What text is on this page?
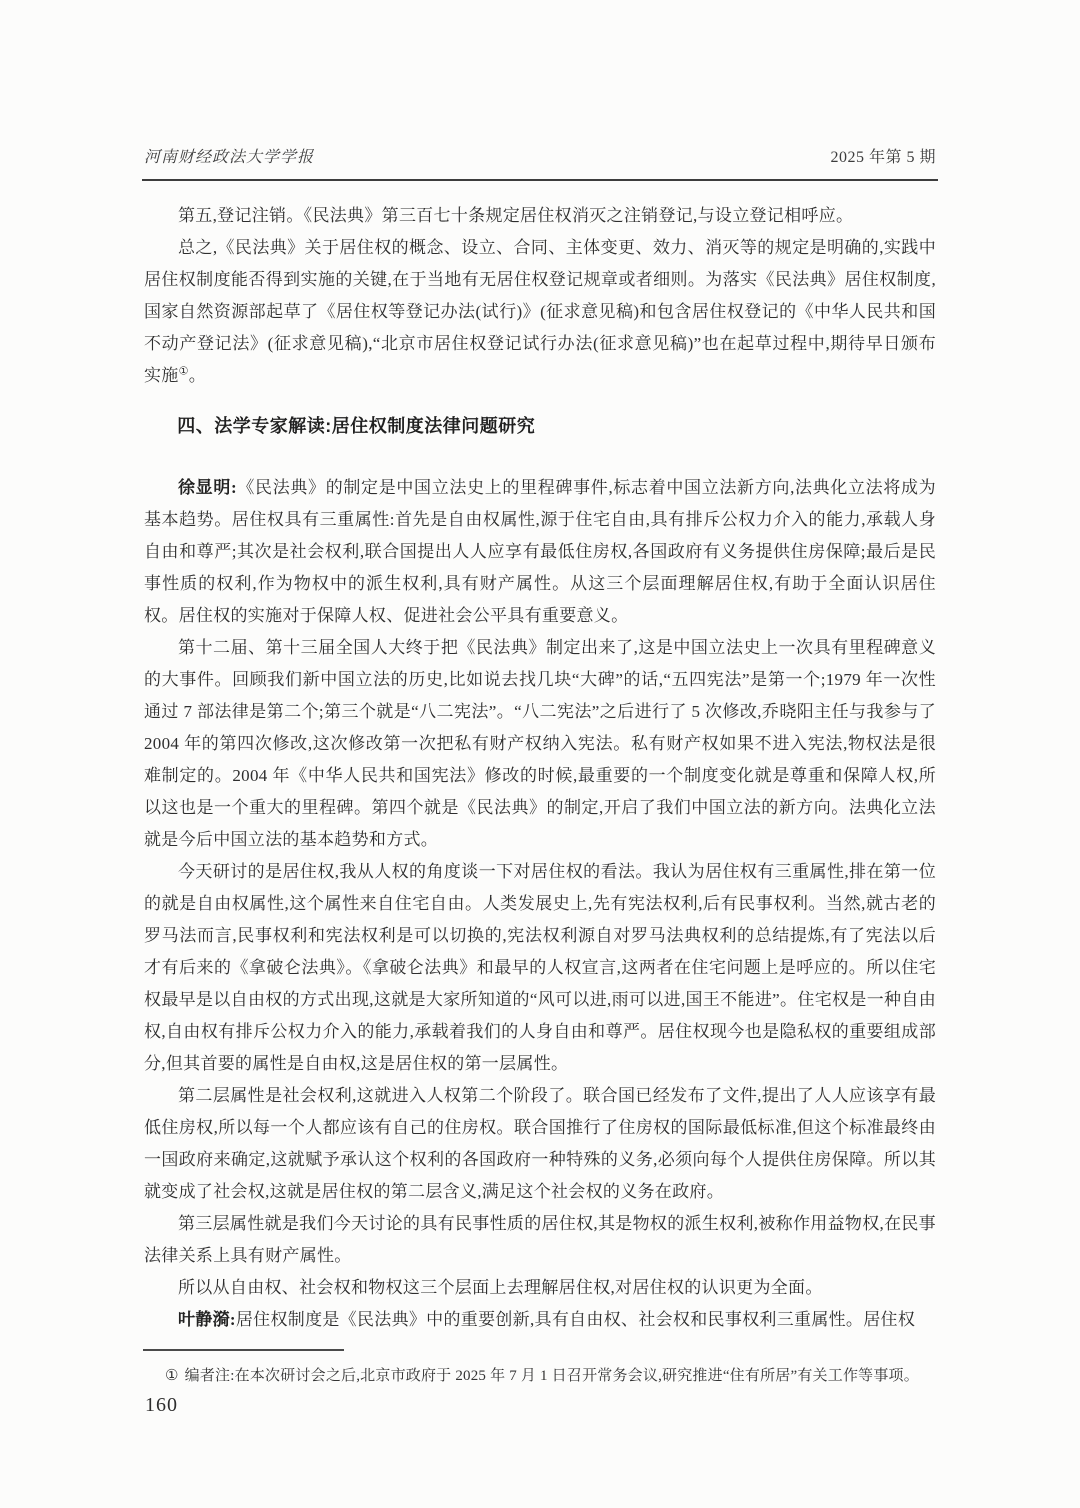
河南财经政法大学学报	2025 年第 5 期

第五,登记注销。《民法典》第三百七十条规定居住权消灭之注销登记,与设立登记相呼应。

总之,《民法典》关于居住权的概念、设立、合同、主体变更、效力、消灭等的规定是明确的,实践中居住权制度能否得到实施的关键,在于当地有无居住权登记规章或者细则。为落实《民法典》居住权制度,国家自然资源部起草了《居住权等登记办法(试行)》(征求意见稿)和包含居住权登记的《中华人民共和国不动产登记法》(征求意见稿),“北京市居住权登记试行办法(征求意见稿)”也在起草过程中,期待早日颁布实施①。

四、法学专家解读:居住权制度法律问题研究

徐显明:《民法典》的制定是中国立法史上的里程碑事件,标志着中国立法新方向,法典化立法将成为基本趋势。居住权具有三重属性:首先是自由权属性,源于住宅自由,具有排斥公权力介入的能力,承载人身自由和尊严;其次是社会权利,联合国提出人人应享有最低住房权,各国政府有义务提供住房保障;最后是民事性质的权利,作为物权中的派生权利,具有财产属性。从这三个层面理解居住权,有助于全面认识居住权。居住权的实施对于保障人权、促进社会公平具有重要意义。

第十二届、第十三届全国人大终于把《民法典》制定出来了,这是中国立法史上一次具有里程碑意义的大事件。回顾我们新中国立法的历史,比如说去找几块“大碑”的话,“五四宪法”是第一个;1979 年一次性通过 7 部法律是第二个;第三个就是“八二宪法”。“八二宪法”之后进行了 5 次修改,乔晓阳主任与我参与了 2004 年的第四次修改,这次修改第一次把私有财产权纳入宪法。私有财产权如果不进入宪法,物权法是很难制定的。2004 年《中华人民共和国宪法》修改的时候,最重要的一个制度变化就是尊重和保障人权,所以这也是一个重大的里程碑。第四个就是《民法典》的制定,开启了我们中国立法的新方向。法典化立法就是今后中国立法的基本趋势和方式。

今天研讨的是居住权,我从人权的角度谈一下对居住权的看法。我认为居住权有三重属性,排在第一位的就是自由权属性,这个属性来自住宅自由。人类发展史上,先有宪法权利,后有民事权利。当然,就古老的罗马法而言,民事权利和宪法权利是可以切换的,宪法权利源自对罗马法典权利的总结提炼,有了宪法以后才有后来的《拿破仑法典》。《拿破仑法典》和最早的人权宣言,这两者在住宅问题上是呼应的。所以住宅权最早是以自由权的方式出现,这就是大家所知道的“风可以进,雨可以进,国王不能进”。住宅权是一种自由权,自由权有排斥公权力介入的能力,承载着我们的人身自由和尊严。居住权现今也是隐私权的重要组成部分,但其首要的属性是自由权,这是居住权的第一层属性。

第二层属性是社会权利,这就进入人权第二个阶段了。联合国已经发布了文件,提出了人人应该享有最低住房权,所以每一个人都应该有自己的住房权。联合国推行了住房权的国际最低标准,但这个标准最终由一国政府来确定,这就赋予承认这个权利的各国政府一种特殊的义务,必须向每个人提供住房保障。所以其就变成了社会权,这就是居住权的第二层含义,满足这个社会权的义务在政府。

第三层属性就是我们今天讨论的具有民事性质的居住权,其是物权的派生权利,被称作用益物权,在民事法律关系上具有财产属性。

所以从自由权、社会权和物权这三个层面上去理解居住权,对居住权的认识更为全面。

叶静漪:居住权制度是《民法典》中的重要创新,具有自由权、社会权和民事权利三重属性。居住权

① 编者注:在本次研讨会之后,北京市政府于 2025 年 7 月 1 日召开常务会议,研究推进“住有所居”有关工作等事项。
160
